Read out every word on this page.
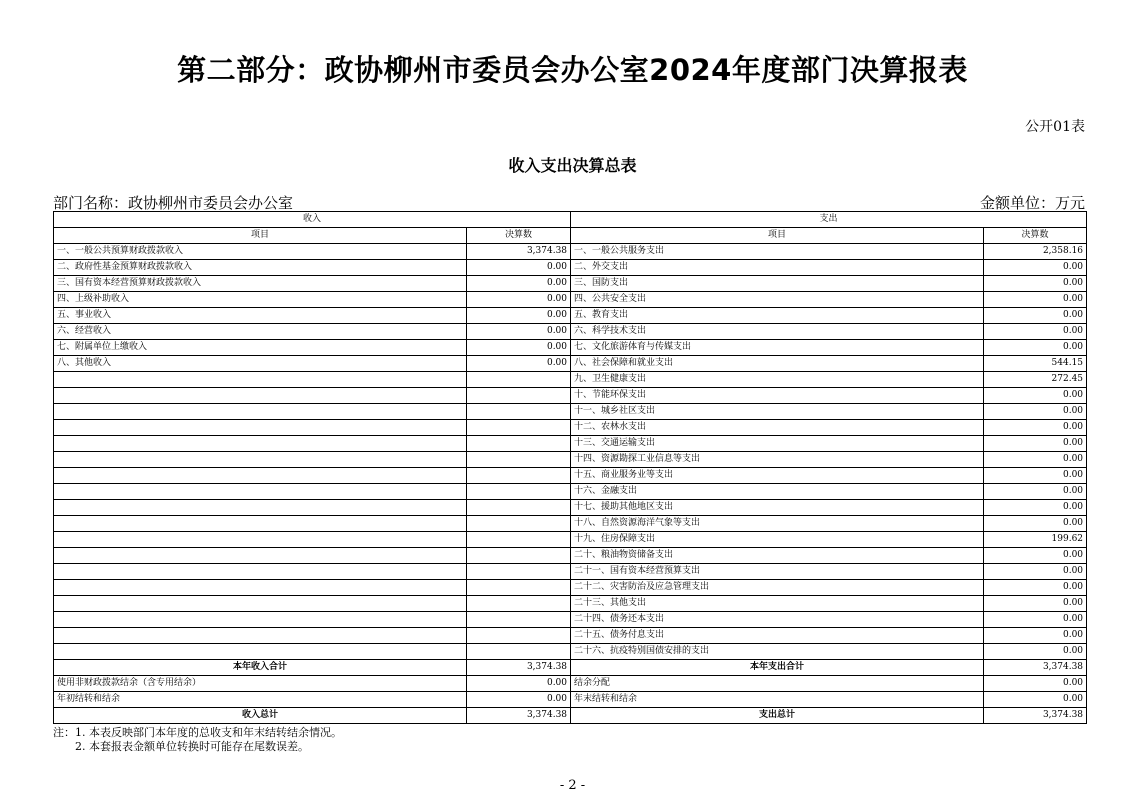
第二部分：政协柳州市委员会办公室2024年度部门决算报表
公开01表
收入支出决算总表
部门名称：政协柳州市委员会办公室	金额单位：万元
收入		支出	
项目	决算数	项目	决算数
一、一般公共预算财政拨款收入	3,374.38	一、一般公共服务支出	2,358.16
二、政府性基金预算财政拨款收入	0.00	二、外交支出	0.00
三、国有资本经营预算财政拨款收入	0.00	三、国防支出	0.00
四、上级补助收入	0.00	四、公共安全支出	0.00
五、事业收入	0.00	五、教育支出	0.00
六、经营收入	0.00	六、科学技术支出	0.00
七、附属单位上缴收入	0.00	七、文化旅游体育与传媒支出	0.00
八、其他收入	0.00	八、社会保障和就业支出	544.15
		九、卫生健康支出	272.45
		十、节能环保支出	0.00
		十一、城乡社区支出	0.00
		十二、农林水支出	0.00
		十三、交通运输支出	0.00
		十四、资源勘探工业信息等支出	0.00
		十五、商业服务业等支出	0.00
		十六、金融支出	0.00
		十七、援助其他地区支出	0.00
		十八、自然资源海洋气象等支出	0.00
		十九、住房保障支出	199.62
		二十、粮油物资储备支出	0.00
		二十一、国有资本经营预算支出	0.00
		二十二、灾害防治及应急管理支出	0.00
		二十三、其他支出	0.00
		二十四、债务还本支出	0.00
		二十五、债务付息支出	0.00
		二十六、抗疫特别国债安排的支出	0.00
本年收入合计	3,374.38	本年支出合计	3,374.38
使用非财政拨款结余（含专用结余）	0.00	结余分配	0.00
年初结转和结余	0.00	年末结转和结余	0.00
收入总计	3,374.38	支出总计	3,374.38
注：1. 本表反映部门本年度的总收支和年末结转结余情况。
　　2. 本套报表金额单位转换时可能存在尾数误差。
- 2 -
